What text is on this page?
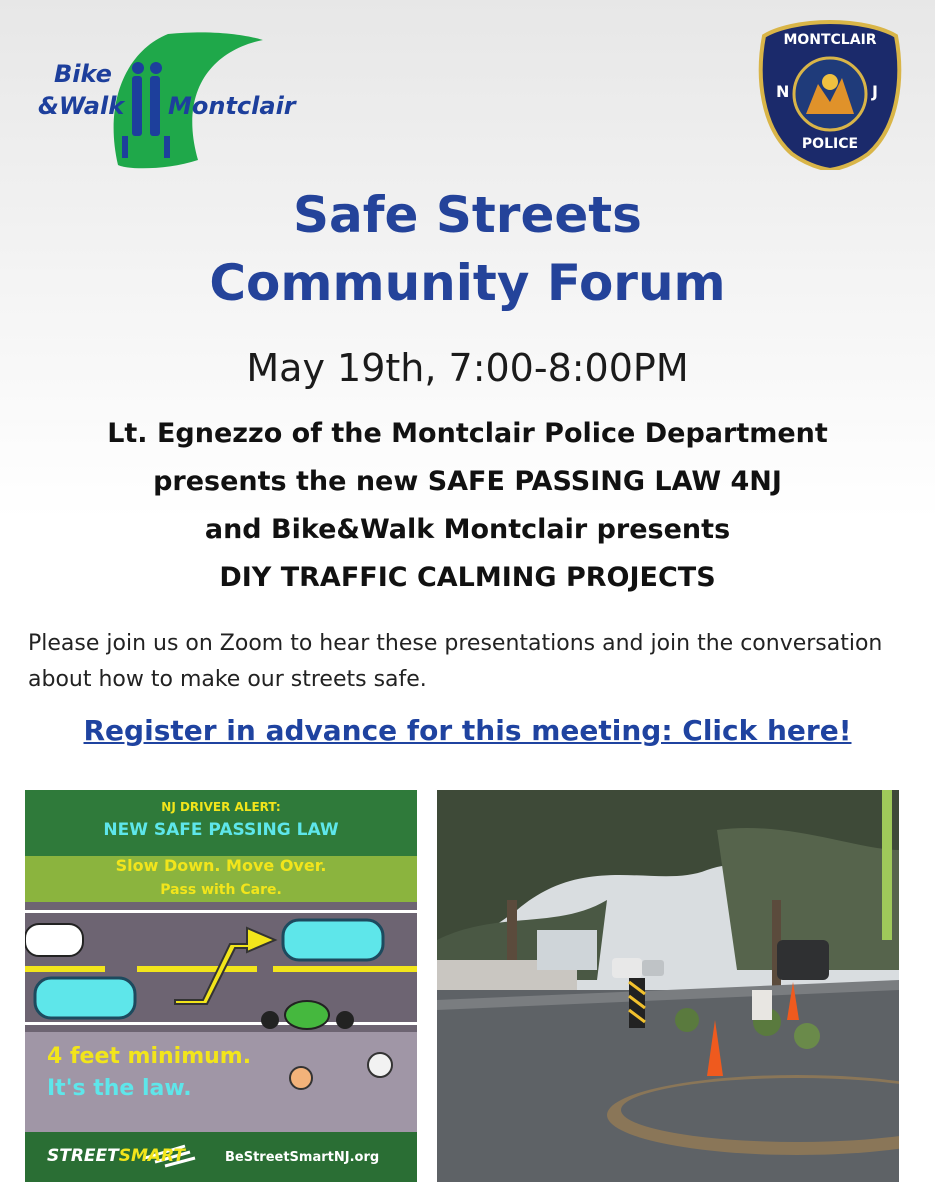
Bike
&Walk Montclair
MONTCLAIR
N	J
POLICE
Safe Streets
Community Forum
May 19th, 7:00-8:00PM
Lt. Egnezzo of the Montclair Police Department
presents the new SAFE PASSING LAW 4NJ
and Bike&Walk Montclair presents
DIY TRAFFIC CALMING PROJECTS
Please join us on Zoom to hear these presentations and join the conversation about how to make our streets safe.
Register in advance for this meeting: Click here!
NJ DRIVER ALERT:
NEW SAFE PASSING LAW
Slow Down. Move Over.
Pass with Care.
4 feet minimum.
It's the law.
STREETSMART	BeStreetSmartNJ.org
